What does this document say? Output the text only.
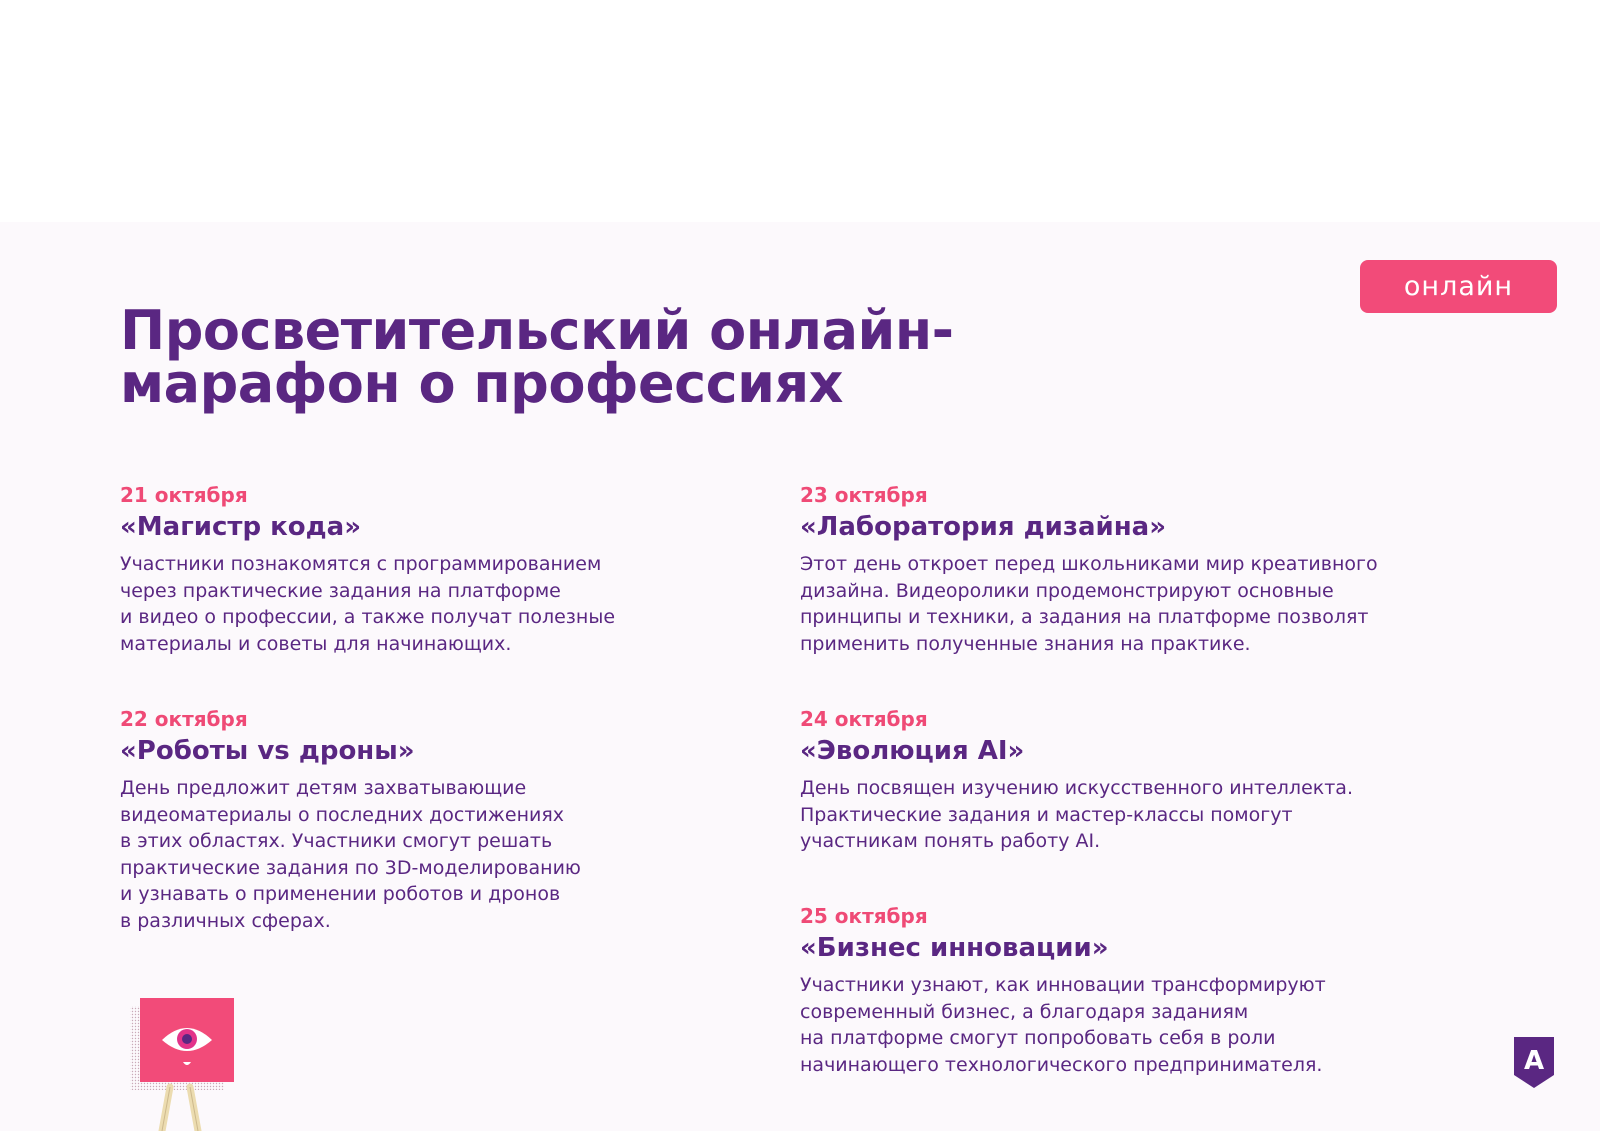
онлайн
Просветительский онлайн-
марафон о профессиях
21 октября
«Магистр кода»
Участники познакомятся с программированием
через практические задания на платформе
и видео о профессии, а также получат полезные
материалы и советы для начинающих.
22 октября
«Роботы vs дроны»
День предложит детям захватывающие
видеоматериалы о последних достижениях
в этих областях. Участники смогут решать
практические задания по 3D-моделированию
и узнавать о применении роботов и дронов
в различных сферах.
23 октября
«Лаборатория дизайна»
Этот день откроет перед школьниками мир креативного
дизайна. Видеоролики продемонстрируют основные
принципы и техники, а задания на платформе позволят
применить полученные знания на практике.
24 октября
«Эволюция AI»
День посвящен изучению искусственного интеллекта.
Практические задания и мастер-классы помогут
участникам понять работу AI.
25 октября
«Бизнес инновации»
Участники узнают, как инновации трансформируют
современный бизнес, а благодаря заданиям
на платформе смогут попробовать себя в роли
начинающего технологического предпринимателя.	A
